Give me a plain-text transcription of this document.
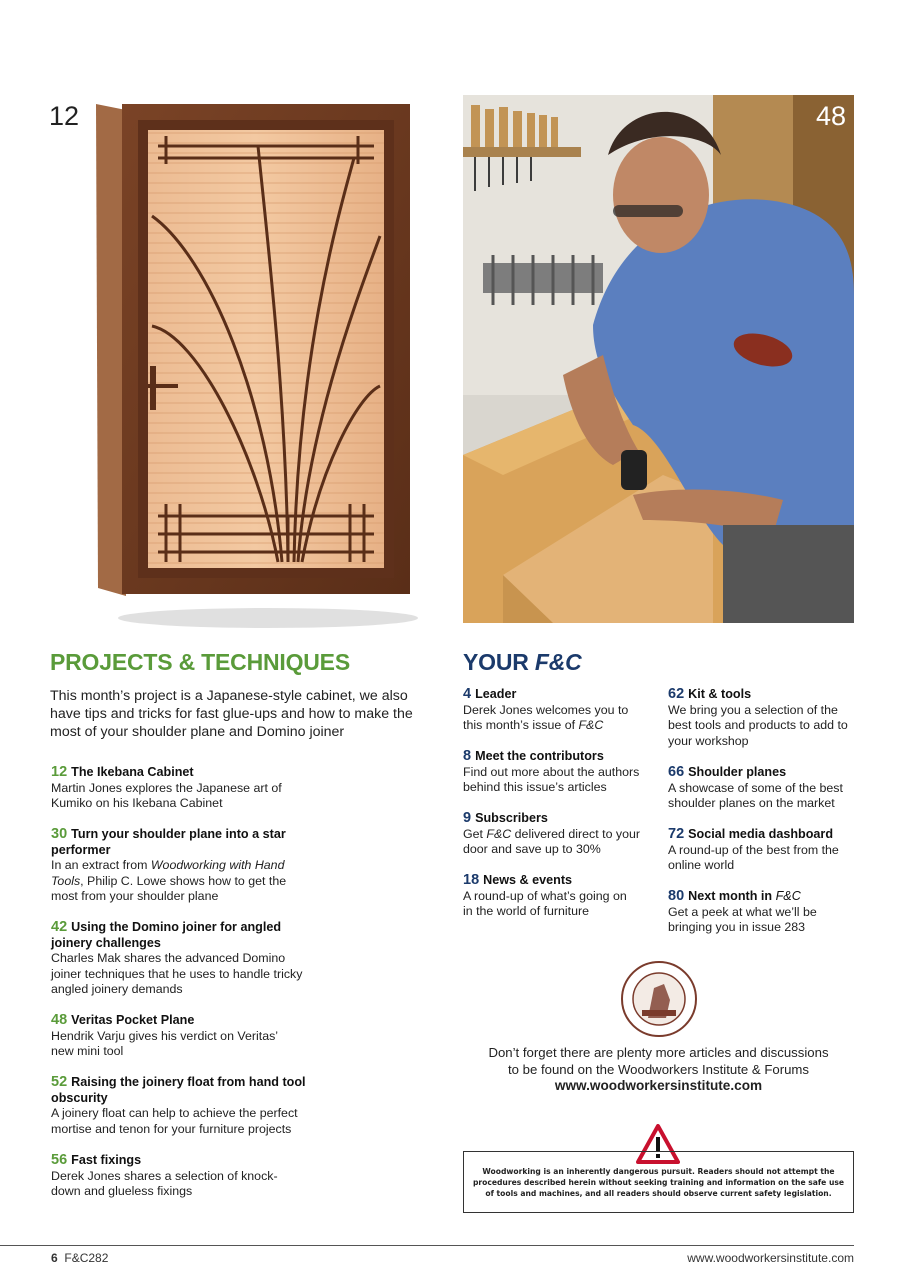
12	48
PROJECTS & TECHNIQUES
This month’s project is a Japanese-style cabinet, we also have tips and tricks for fast glue-ups and how to make the most of your shoulder plane and Domino joiner
12 The Ikebana Cabinet
Martin Jones explores the Japanese art of Kumiko on his Ikebana Cabinet
30 Turn your shoulder plane into a star performer
In an extract from Woodworking with Hand Tools, Philip C. Lowe shows how to get the most from your shoulder plane
42 Using the Domino joiner for angled joinery challenges
Charles Mak shares the advanced Domino joiner techniques that he uses to handle tricky angled joinery demands
48 Veritas Pocket Plane
Hendrik Varju gives his verdict on Veritas’ new mini tool
52 Raising the joinery float from hand tool obscurity
A joinery float can help to achieve the perfect mortise and tenon for your furniture projects
56 Fast fixings
Derek Jones shares a selection of knock-down and glueless fixings
YOUR F&C
4 Leader
Derek Jones welcomes you to this month’s issue of F&C
8 Meet the contributors
Find out more about the authors behind this issue’s articles
9 Subscribers
Get F&C delivered direct to your door and save up to 30%
18 News & events
A round-up of what’s going on in the world of furniture
62 Kit & tools
We bring you a selection of the best tools and products to add to your workshop
66 Shoulder planes
A showcase of some of the best shoulder planes on the market
72 Social media dashboard
A round-up of the best from the online world
80 Next month in F&C
Get a peek at what we’ll be bringing you in issue 283
Don’t forget there are plenty more articles and discussions
to be found on the Woodworkers Institute & Forums
www.woodworkersinstitute.com
Woodworking is an inherently dangerous pursuit. Readers should not attempt the procedures described herein without seeking training and information on the safe use of tools and machines, and all readers should observe current safety legislation.
6 F&C282	www.woodworkersinstitute.com
